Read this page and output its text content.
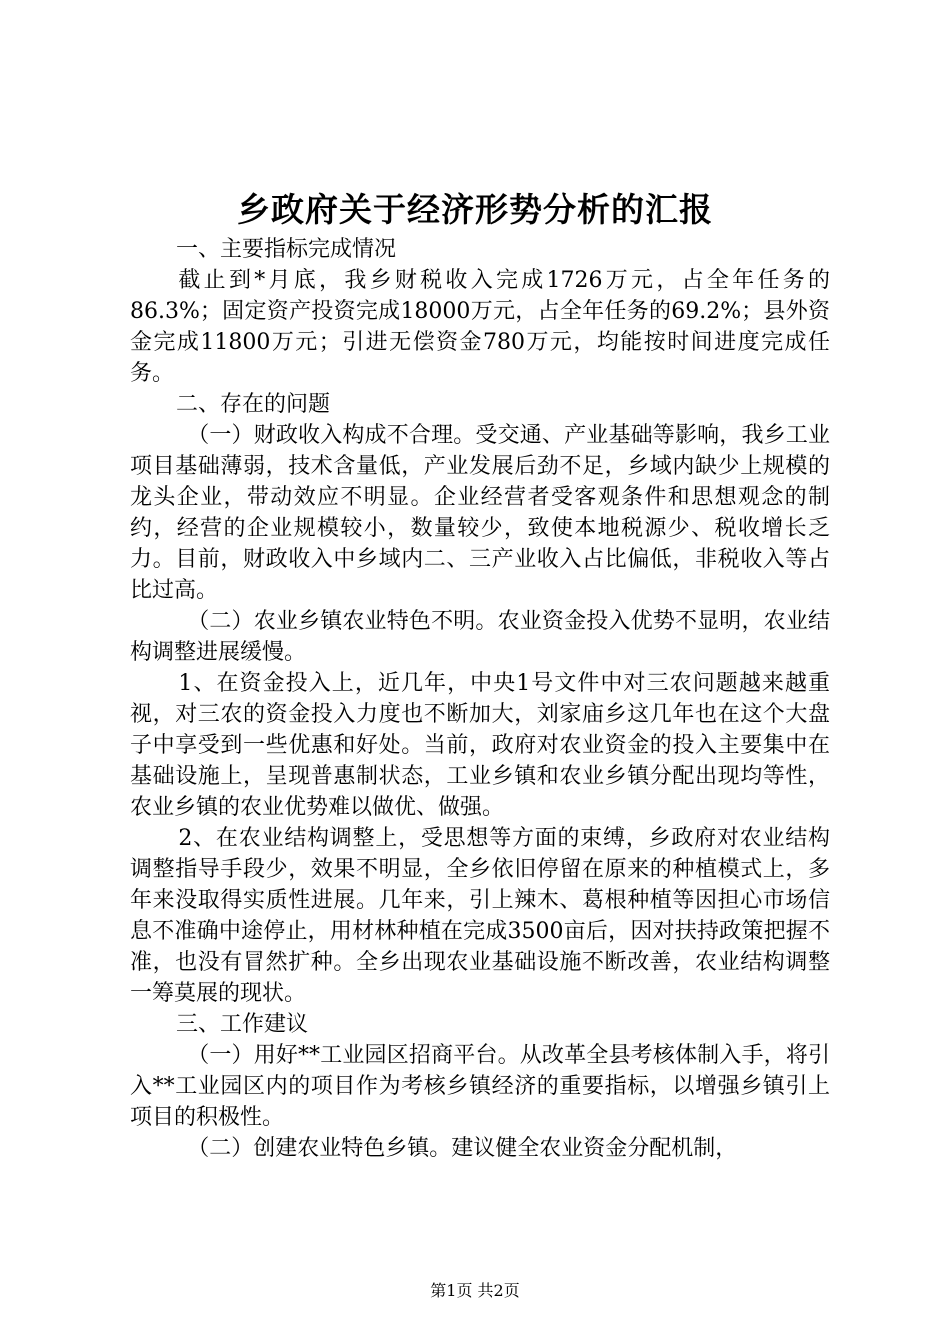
乡政府关于经济形势分析的汇报

一、主要指标完成情况

截止到*月底，我乡财税收入完成1726万元，占全年任务的86.3%；固定资产投资完成18000万元，占全年任务的69.2%；县外资金完成11800万元；引进无偿资金780万元，均能按时间进度完成任务。

二、存在的问题

（一）财政收入构成不合理。受交通、产业基础等影响，我乡工业项目基础薄弱，技术含量低，产业发展后劲不足，乡域内缺少上规模的龙头企业，带动效应不明显。企业经营者受客观条件和思想观念的制约，经营的企业规模较小，数量较少，致使本地税源少、税收增长乏力。目前，财政收入中乡域内二、三产业收入占比偏低，非税收入等占比过高。

（二）农业乡镇农业特色不明。农业资金投入优势不显明，农业结构调整进展缓慢。

1、在资金投入上，近几年，中央1号文件中对三农问题越来越重视，对三农的资金投入力度也不断加大，刘家庙乡这几年也在这个大盘子中享受到一些优惠和好处。当前，政府对农业资金的投入主要集中在基础设施上，呈现普惠制状态，工业乡镇和农业乡镇分配出现均等性，农业乡镇的农业优势难以做优、做强。

2、在农业结构调整上，受思想等方面的束缚，乡政府对农业结构调整指导手段少，效果不明显，全乡依旧停留在原来的种植模式上，多年来没取得实质性进展。几年来，引上辣木、葛根种植等因担心市场信息不准确中途停止，用材林种植在完成3500亩后，因对扶持政策把握不准，也没有冒然扩种。全乡出现农业基础设施不断改善，农业结构调整一筹莫展的现状。

三、工作建议

（一）用好**工业园区招商平台。从改革全县考核体制入手，将引入**工业园区内的项目作为考核乡镇经济的重要指标，以增强乡镇引上项目的积极性。

（二）创建农业特色乡镇。建议健全农业资金分配机制，

第1页 共2页
